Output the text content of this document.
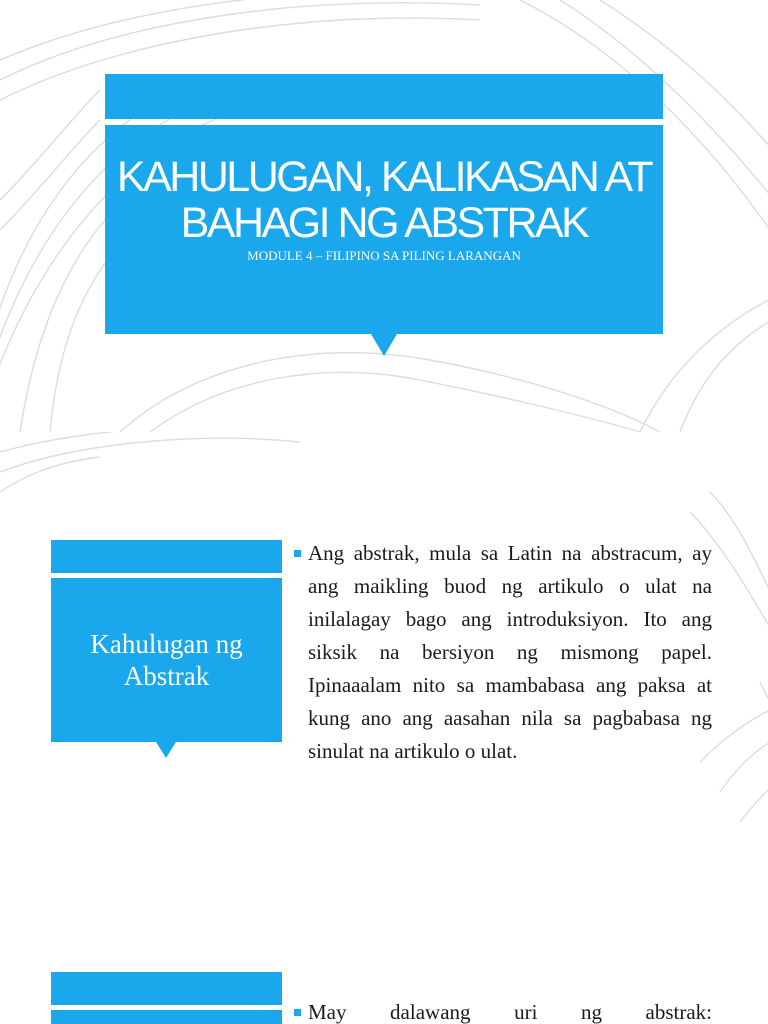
KAHULUGAN, KALIKASAN AT
BAHAGI NG ABSTRAK

MODULE 4 – FILIPINO SA PILING LARANGAN

Kahulugan ng
Abstrak

Ang abstrak, mula sa Latin na abstracum, ay ang maikling buod ng artikulo o ulat na inilalagay bago ang introduksiyon. Ito ang siksik na bersiyon ng mismong papel. Ipinaaalam nito sa mambabasa ang paksa at kung ano ang aasahan nila sa pagbabasa ng sinulat na artikulo o ulat.

May dalawang uri ng abstrak:
